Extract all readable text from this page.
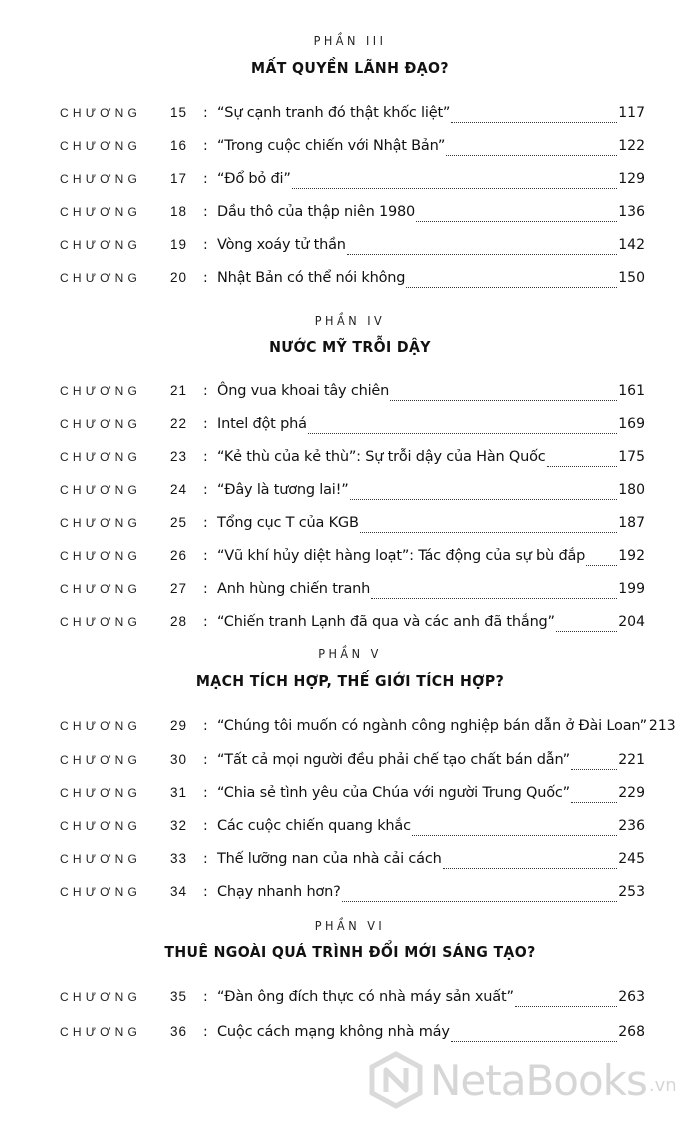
PHẦN III
MẤT QUYỀN LÃNH ĐẠO?
CHƯƠNG	15	: “Sự cạnh tranh đó thật khốc liệt”	117
CHƯƠNG	16	: “Trong cuộc chiến với Nhật Bản”	122
CHƯƠNG	17	: “Đổ bỏ đi”	129
CHƯƠNG	18	: Dầu thô của thập niên 1980	136
CHƯƠNG	19	: Vòng xoáy tử thần	142
CHƯƠNG	20	: Nhật Bản có thể nói không	150
PHẦN IV
NƯỚC MỸ TRỖI DẬY
CHƯƠNG	21	: Ông vua khoai tây chiên	161
CHƯƠNG	22	: Intel đột phá	169
CHƯƠNG	23	: “Kẻ thù của kẻ thù”: Sự trỗi dậy của Hàn Quốc	175
CHƯƠNG	24	: “Đây là tương lai!”	180
CHƯƠNG	25	: Tổng cục T của KGB	187
CHƯƠNG	26	: “Vũ khí hủy diệt hàng loạt”: Tác động của sự bù đắp 192
CHƯƠNG	27	: Anh hùng chiến tranh	199
CHƯƠNG	28	: “Chiến tranh Lạnh đã qua và các anh đã thắng”	204
PHẦN V
MẠCH TÍCH HỢP, THẾ GIỚI TÍCH HỢP?
CHƯƠNG	29	: “Chúng tôi muốn có ngành công nghiệp bán dẫn ở Đài Loan” 213
CHƯƠNG	30	: “Tất cả mọi người đều phải chế tạo chất bán dẫn”	221
CHƯƠNG	31	: “Chia sẻ tình yêu của Chúa với người Trung Quốc”	229
CHƯƠNG	32	: Các cuộc chiến quang khắc	236
CHƯƠNG	33	: Thế lưỡng nan của nhà cải cách	245
CHƯƠNG	34	: Chạy nhanh hơn?	253
PHẦN VI
THUÊ NGOÀI QUÁ TRÌNH ĐỔI MỚI SÁNG TẠO?
CHƯƠNG	35	: “Đàn ông đích thực có nhà máy sản xuất”	263
CHƯƠNG	36	: Cuộc cách mạng không nhà máy	268
NetaBooks .vn
